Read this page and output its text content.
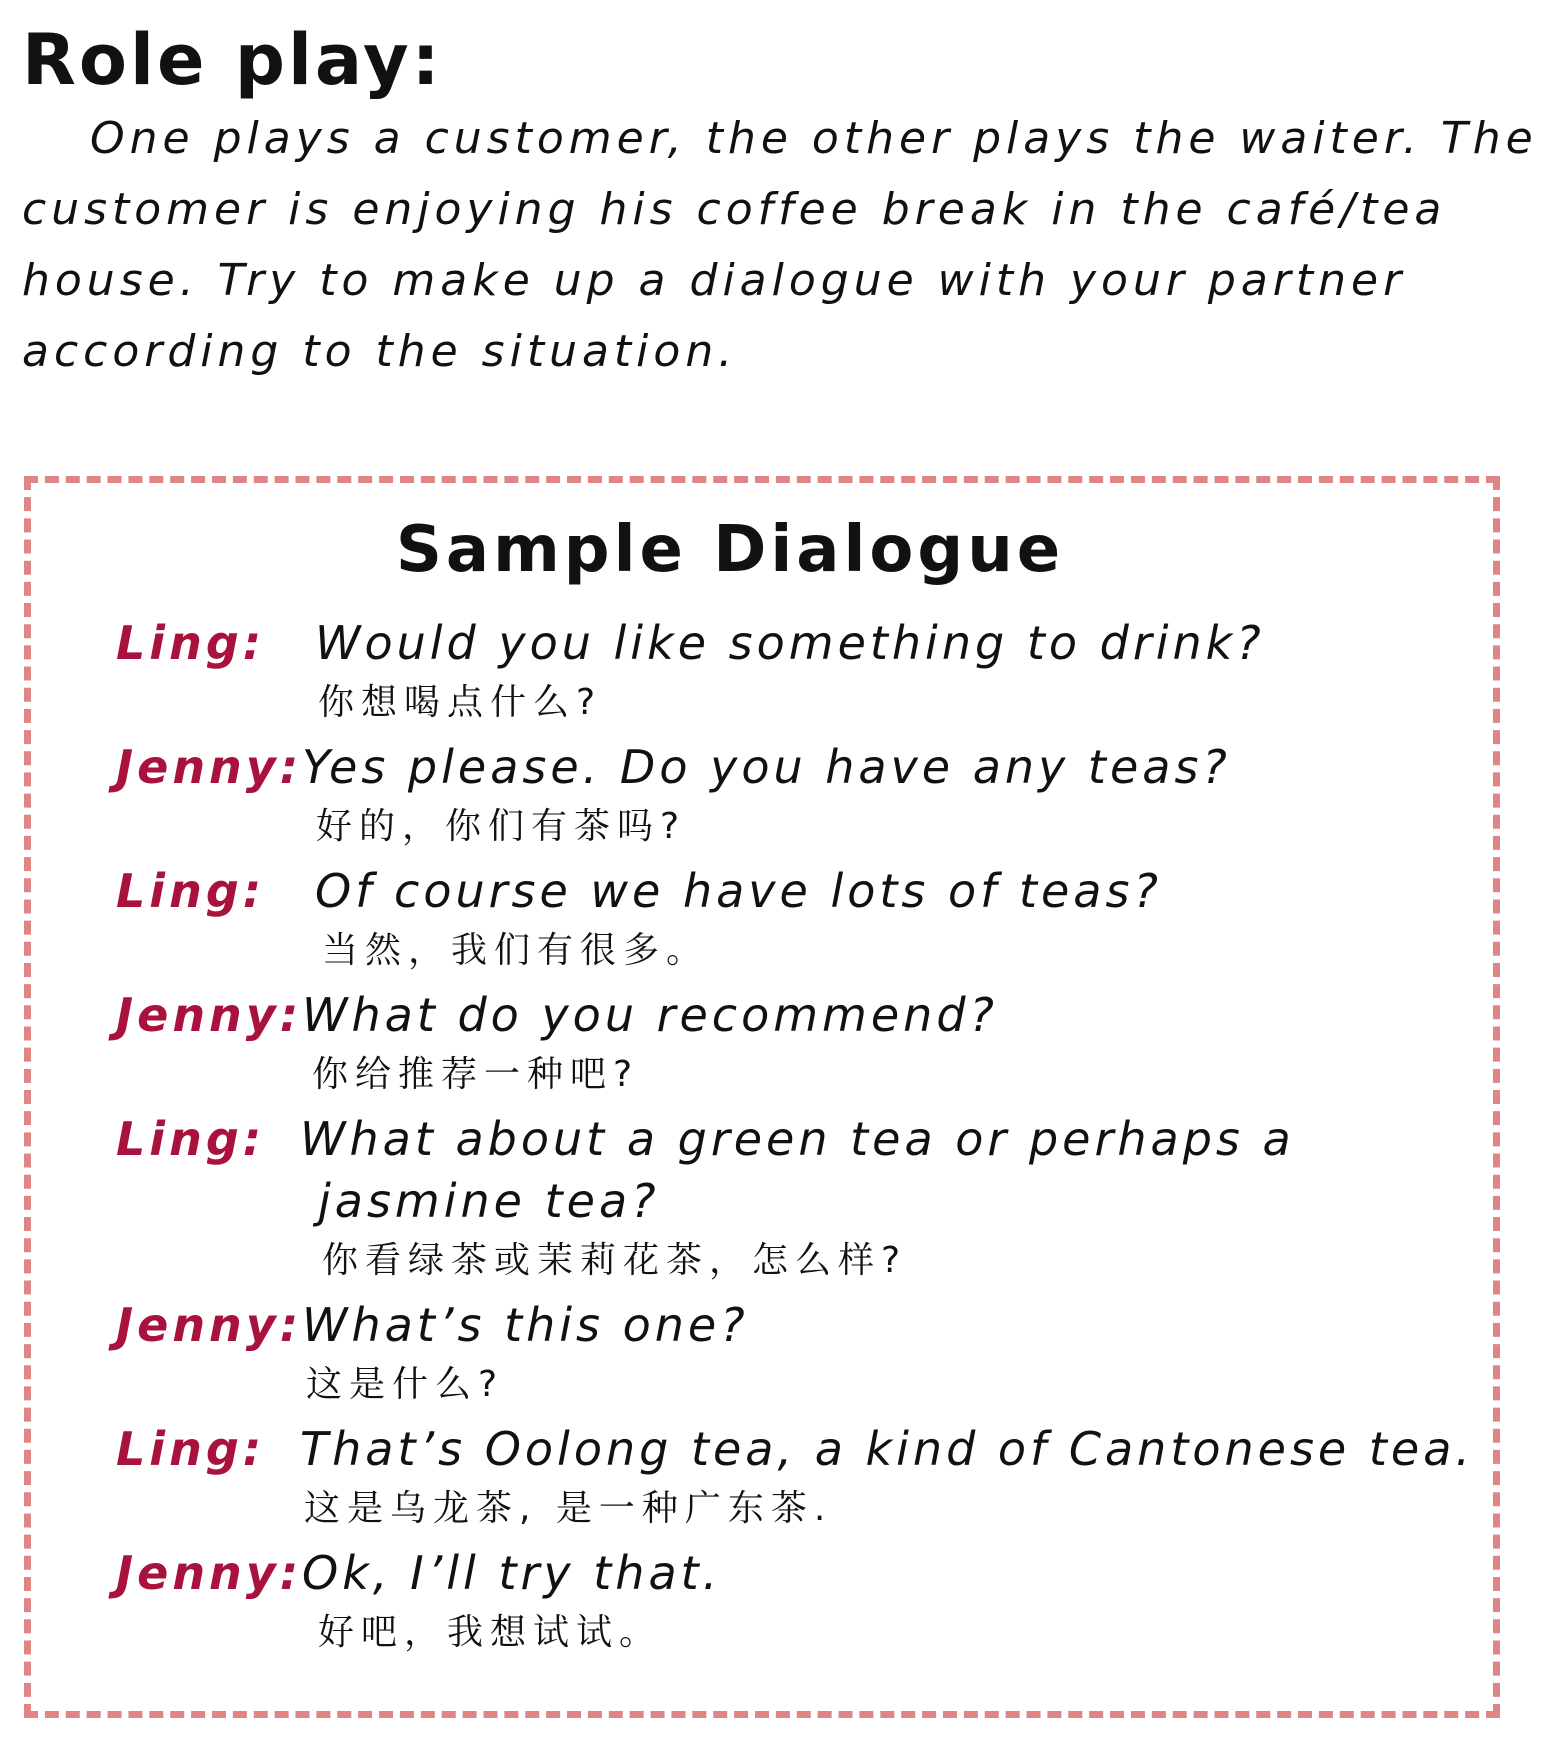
Role play:

One plays a customer, the other plays the waiter. The
customer is enjoying his coffee break in the café/tea
house. Try to make up a dialogue with your partner
according to the situation.

Sample Dialogue
Ling: Would you like something to drink?
你想喝点什么?
Jenny: Yes please. Do you have any teas?
好的，你们有茶吗?
Ling: Of course we have lots of teas?
当然，我们有很多。
Jenny: What do you recommend?
你给推荐一种吧?
Ling: What about a green tea or perhaps a
jasmine tea?
你看绿茶或茉莉花茶，怎么样?
Jenny: What’s this one?
这是什么?
Ling: That’s Oolong tea, a kind of Cantonese tea.
这是乌龙茶, 是一种广东茶.
Jenny: Ok, I’ll try that.
好吧，我想试试。
